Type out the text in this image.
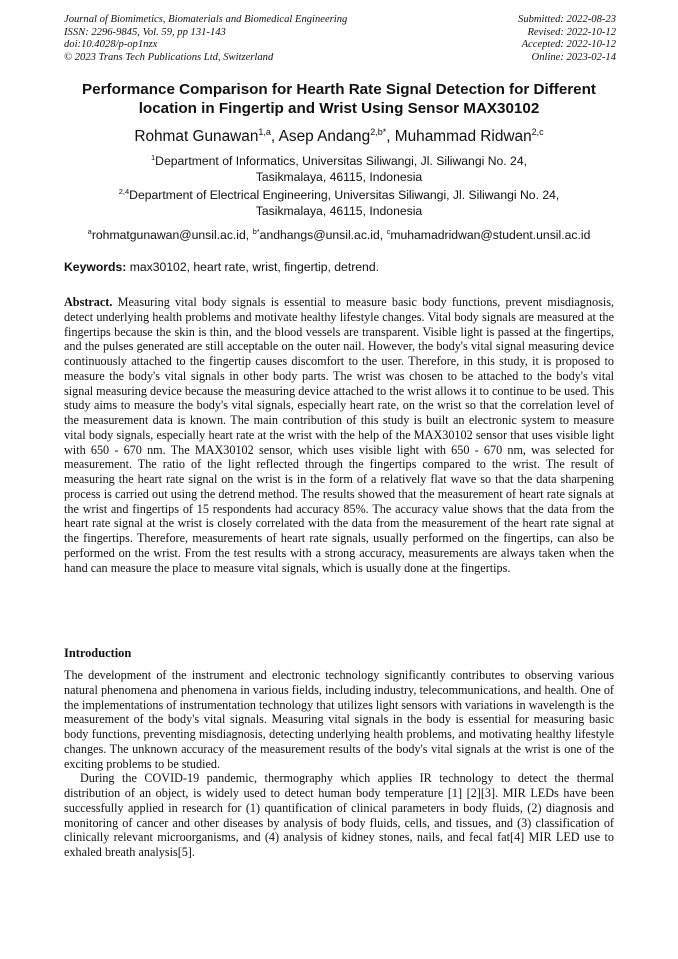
Journal of Biomimetics, Biomaterials and Biomedical Engineering	Submitted: 2022-08-23
ISSN: 2296-9845, Vol. 59, pp 131-143	Revised: 2022-10-12
doi:10.4028/p-op1nzx	Accepted: 2022-10-12
© 2023 Trans Tech Publications Ltd, Switzerland	Online: 2023-02-14
Performance Comparison for Hearth Rate Signal Detection for Different
location in Fingertip and Wrist Using Sensor MAX30102
Rohmat Gunawan$^{1,a}$, Asep Andang$^{2,b*}$, Muhammad Ridwan$^{2,c}$
$^1$Department of Informatics, Universitas Siliwangi, Jl. Siliwangi No. 24,
Tasikmalaya, 46115, Indonesia
$^{2,4}$Department of Electrical Engineering, Universitas Siliwangi, Jl. Siliwangi No. 24,
Tasikmalaya, 46115, Indonesia
$^a$rohmatgunawan@unsil.ac.id, $^{b*}$andhangs@unsil.ac.id, $^c$muhamadridwan@student.unsil.ac.id
Keywords: max30102, heart rate, wrist, fingertip, detrend.
Abstract. Measuring vital body signals is essential to measure basic body functions, prevent misdiagnosis, detect underlying health problems and motivate healthy lifestyle changes. Vital body signals are measured at the fingertips because the skin is thin, and the blood vessels are transparent. Visible light is passed at the fingertips, and the pulses generated are still acceptable on the outer nail. However, the body's vital signal measuring device continuously attached to the fingertip causes discomfort to the user. Therefore, in this study, it is proposed to measure the body's vital signals in other body parts. The wrist was chosen to be attached to the body's vital signal measuring device because the measuring device attached to the wrist allows it to continue to be used. This study aims to measure the body's vital signals, especially heart rate, on the wrist so that the correlation level of the measurement data is known. The main contribution of this study is built an electronic system to measure vital body signals, especially heart rate at the wrist with the help of the MAX30102 sensor that uses visible light with 650 - 670 nm. The MAX30102 sensor, which uses visible light with 650 - 670 nm, was selected for measurement. The ratio of the light reflected through the fingertips compared to the wrist. The result of measuring the heart rate signal on the wrist is in the form of a relatively flat wave so that the data sharpening process is carried out using the detrend method. The results showed that the measurement of heart rate signals at the wrist and fingertips of 15 respondents had accuracy 85%. The accuracy value shows that the data from the heart rate signal at the wrist is closely correlated with the data from the measurement of the heart rate signal at the fingertips. Therefore, measurements of heart rate signals, usually performed on the fingertips, can also be performed on the wrist. From the test results with a strong accuracy, measurements are always taken when the hand can measure the place to measure vital signals, which is usually done at the fingertips.
Introduction

The development of the instrument and electronic technology significantly contributes to observing various natural phenomena and phenomena in various fields, including industry, telecommunications, and health. One of the implementations of instrumentation technology that utilizes light sensors with variations in wavelength is the measurement of the body's vital signals. Measuring vital signals in the body is essential for measuring basic body functions, preventing misdiagnosis, detecting underlying health problems, and motivating healthy lifestyle changes. The unknown accuracy of the measurement results of the body's vital signals at the wrist is one of the exciting problems to be studied.

During the COVID-19 pandemic, thermography which applies IR technology to detect the thermal distribution of an object, is widely used to detect human body temperature [1] [2][3]. MIR LEDs have been successfully applied in research for (1) quantification of clinical parameters in body fluids, (2) diagnosis and monitoring of cancer and other diseases by analysis of body fluids, cells, and tissues, and (3) classification of clinically relevant microorganisms, and (4) analysis of kidney stones, nails, and fecal fat[4] MIR LED use to exhaled breath analysis[5].
